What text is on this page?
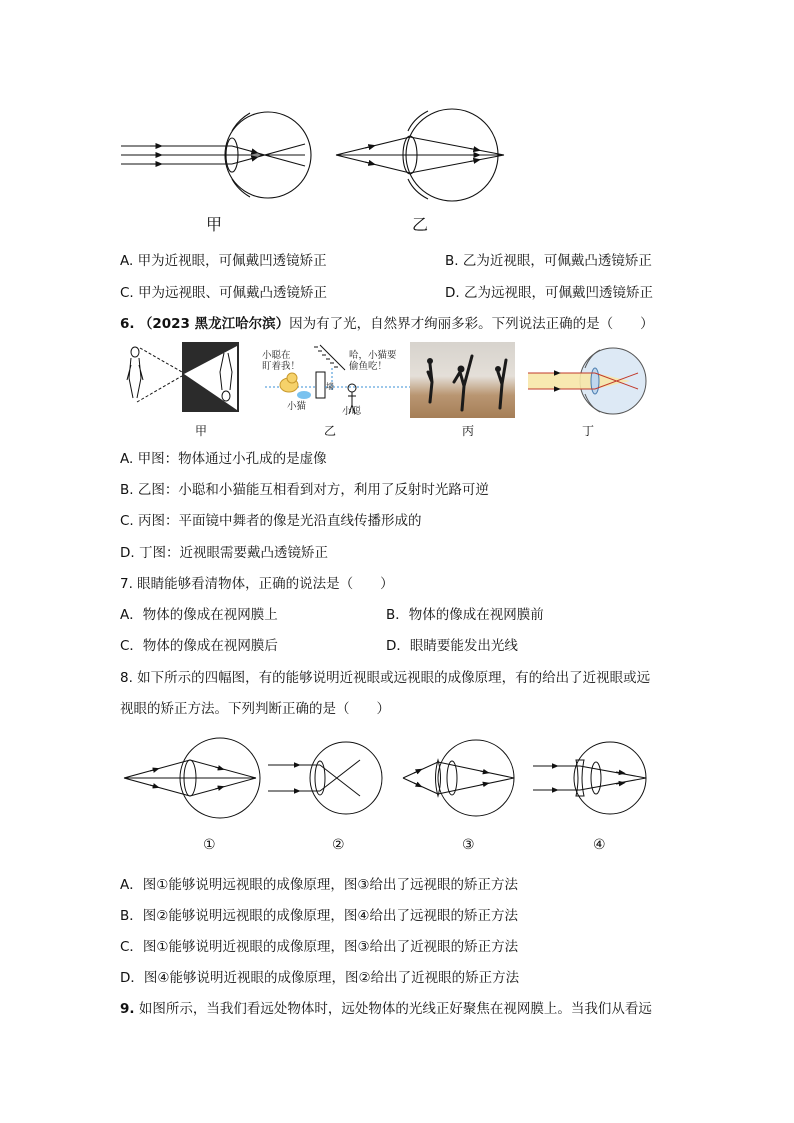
甲	乙
A. 甲为近视眼，可佩戴凹透镜矫正	B. 乙为近视眼，可佩戴凸透镜矫正
C. 甲为远视眼、可佩戴凸透镜矫正	D. 乙为远视眼，可佩戴凹透镜矫正
6. （2023 黑龙江哈尔滨）因为有了光，自然界才绚丽多彩。下列说法正确的是（　　）
小聪在
盯着我！
哈，小猫要
偷鱼吃！
小猫	小聪
墙
甲	乙	丙	丁
A. 甲图：物体通过小孔成的是虚像
B. 乙图：小聪和小猫能互相看到对方，利用了反射时光路可逆
C. 丙图：平面镜中舞者的像是光沿直线传播形成的
D. 丁图：近视眼需要戴凸透镜矫正
7. 眼睛能够看清物体，正确的说法是（　　）
A．物体的像成在视网膜上	B．物体的像成在视网膜前
C．物体的像成在视网膜后	D．眼睛要能发出光线
8. 如下所示的四幅图，有的能够说明近视眼或远视眼的成像原理，有的给出了近视眼或远
视眼的矫正方法。下列判断正确的是（　　）
①	②	③	④
A．图①能够说明远视眼的成像原理，图③给出了远视眼的矫正方法
B．图②能够说明远视眼的成像原理，图④给出了远视眼的矫正方法
C．图①能够说明近视眼的成像原理，图③给出了近视眼的矫正方法
D．图④能够说明近视眼的成像原理，图②给出了近视眼的矫正方法
9. 如图所示，当我们看远处物体时，远处物体的光线正好聚焦在视网膜上。当我们从看远
